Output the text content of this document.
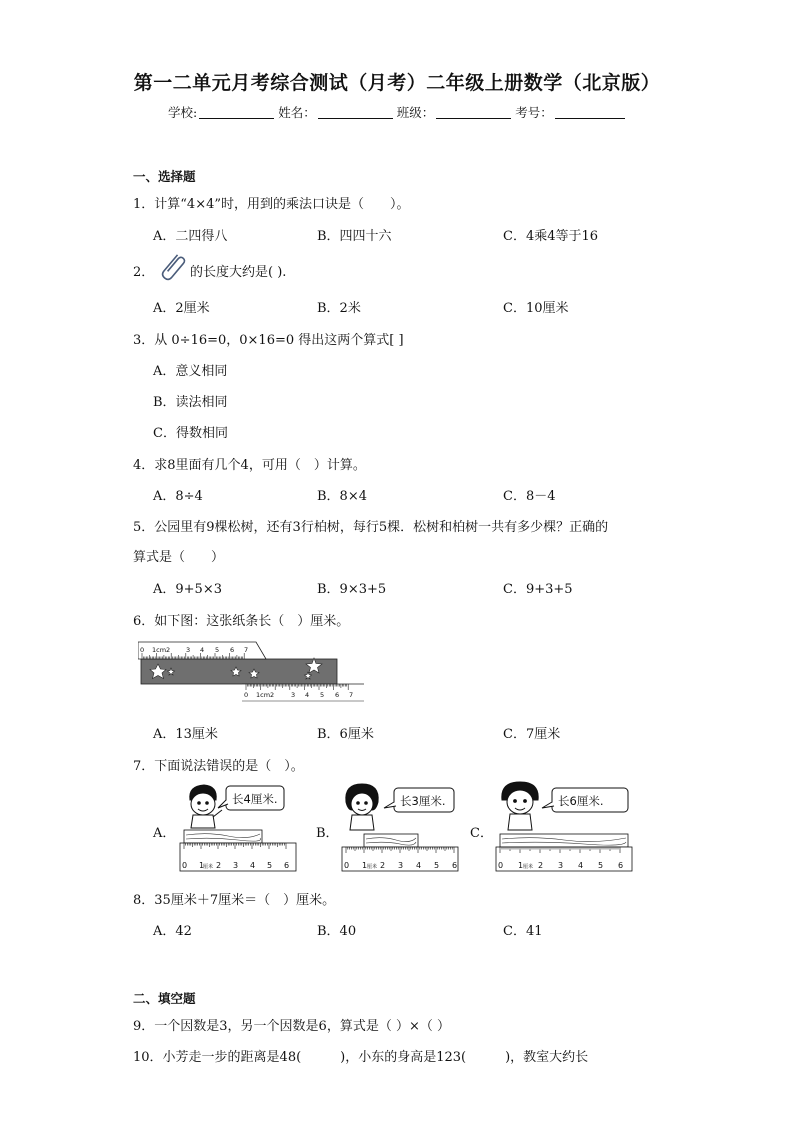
第一二单元月考综合测试（月考）二年级上册数学（北京版）
学校:	姓名：	班级：	考号：
一、选择题
1．计算“4×4”时，用到的乘法口诀是（　　）。
A．二四得八	B．四四十六	C．4乘4等于16
2．	的长度大约是( ).
A．2厘米	B．2米	C．10厘米
3．从 0÷16=0，0×16=0 得出这两个算式[ ]
A．意义相同
B．读法相同
C．得数相同
4．求8里面有几个4，可用（　）计算。
A．8÷4	B．8×4	C．8－4
5．公园里有9棵松树，还有3行柏树，每行5棵．松树和柏树一共有多少棵？正确的
算式是（　　）
A．9+5×3	B．9×3+5	C．9+3+5
6．如下图：这张纸条长（　）厘米。
0 1cm2 3 4 5 6 7
0 1cm2	3 4 5 6 7
A．13厘米	B．6厘米	C．7厘米
7．下面说法错误的是（　）。
A．	B．	C．
长4厘米.
0 1 2 3 4 5 6
厘米
长3厘米.
0 1 2 3 4 5 6
厘米
长6厘米.
0 1 2 3 4 5 6
厘米
8．35厘米＋7厘米＝（　）厘米。
A．42	B．40	C．41
二、填空题
9．一个因数是3，另一个因数是6，算式是（ ）×（ ）
10．小芳走一步的距离是48(　　　)，小东的身高是123(　　　)，教室大约长
